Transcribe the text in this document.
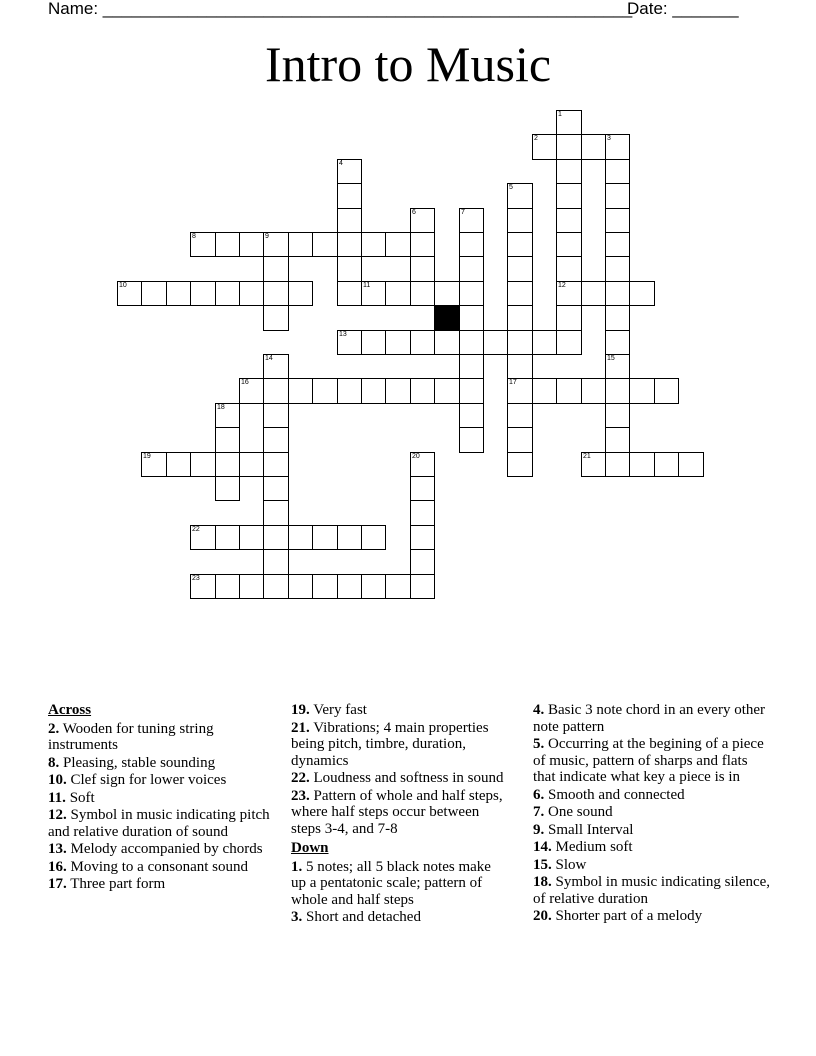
Name: ________________________________________________________
Date: _______
Intro to Music
1
12
2	3
4
5
17
6	7
8	9
10	11
13
14	15
16
18
19	20	21
22
23
Across
2. Wooden for tuning string instruments
8. Pleasing, stable sounding
10. Clef sign for lower voices
11. Soft
12. Symbol in music indicating pitch and relative duration of sound
13. Melody accompanied by chords
16. Moving to a consonant sound
17. Three part form
19. Very fast
21. Vibrations; 4 main properties being pitch, timbre, duration, dynamics
22. Loudness and softness in sound
23. Pattern of whole and half steps, where half steps occur between steps 3-4, and 7-8
Down
1. 5 notes; all 5 black notes make up a pentatonic scale; pattern of whole and half steps
3. Short and detached
4. Basic 3 note chord in an every other note pattern
5. Occurring at the begining of a piece of music, pattern of sharps and flats that indicate what key a piece is in
6. Smooth and connected
7. One sound
9. Small Interval
14. Medium soft
15. Slow
18. Symbol in music indicating silence, of relative duration
20. Shorter part of a melody
